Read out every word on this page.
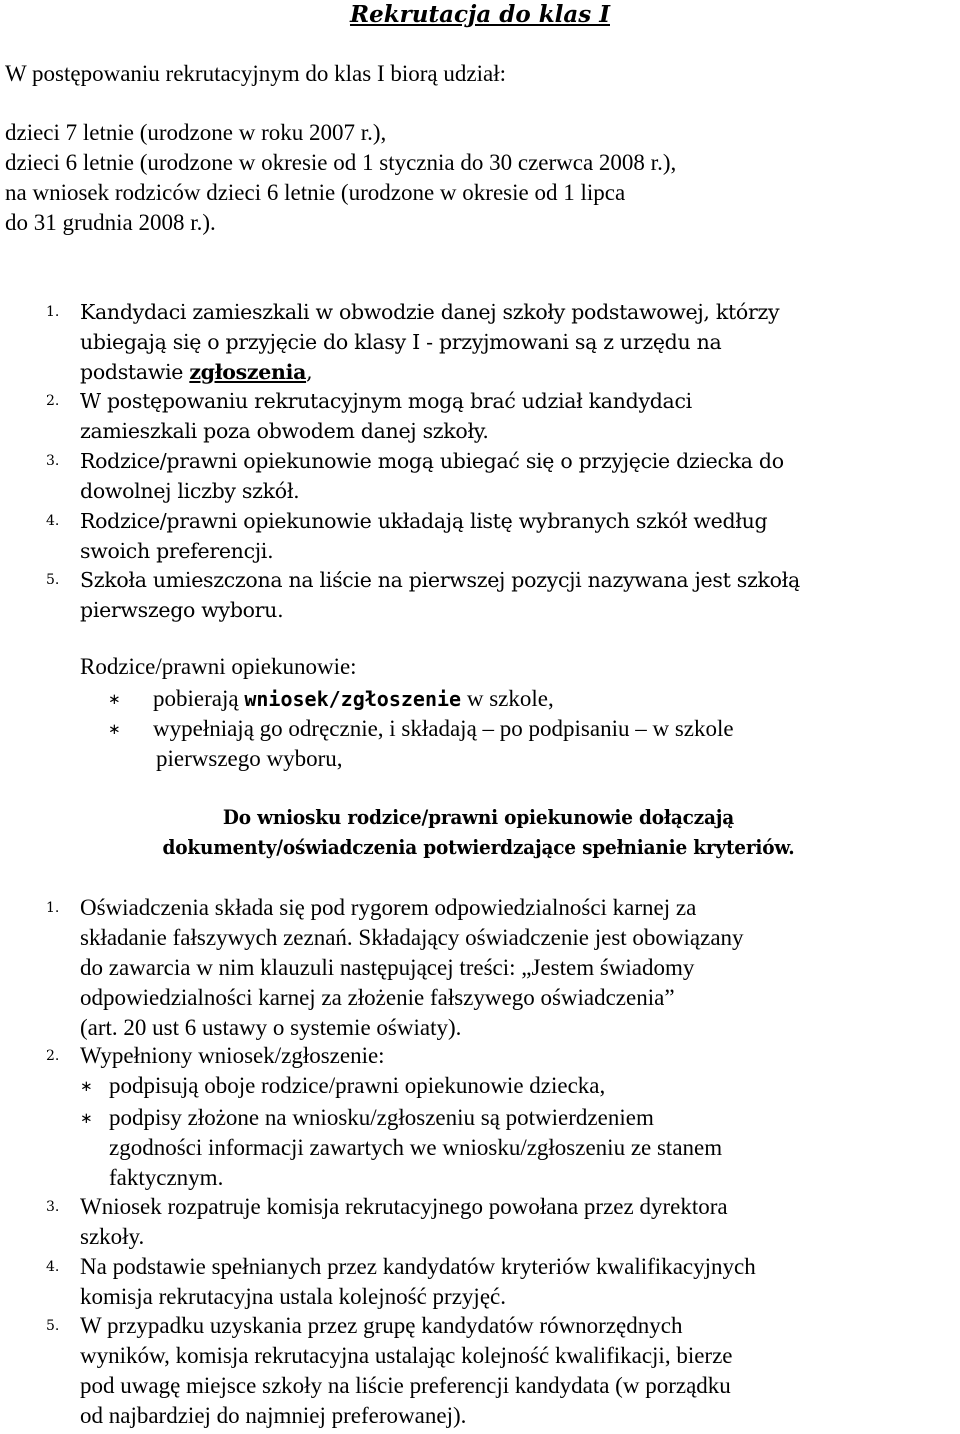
Rekrutacja do klas I
W postępowaniu rekrutacyjnym do klas I biorą udział:
dzieci 7 letnie (urodzone w roku 2007 r.),
dzieci 6 letnie (urodzone w okresie od 1 stycznia do 30 czerwca 2008 r.),
na wniosek rodziców dzieci 6 letnie (urodzone w okresie od 1 lipca
do 31 grudnia 2008 r.).
1. Kandydaci zamieszkali w obwodzie danej szkoły podstawowej, którzy
ubiegają się o przyjęcie do klasy I - przyjmowani są z urzędu na
podstawie zgłoszenia,
2. W postępowaniu rekrutacyjnym mogą brać udział kandydaci
zamieszkali poza obwodem danej szkoły.
3. Rodzice/prawni opiekunowie mogą ubiegać się o przyjęcie dziecka do
dowolnej liczby szkół.
4. Rodzice/prawni opiekunowie układają listę wybranych szkół według
swoich preferencji.
5. Szkoła umieszczona na liście na pierwszej pozycji nazywana jest szkołą
pierwszego wyboru.
Rodzice/prawni opiekunowie:
∗ pobierają wniosek/zgłoszenie w szkole,
∗ wypełniają go odręcznie, i składają – po podpisaniu – w szkole
pierwszego wyboru,
Do wniosku rodzice/prawni opiekunowie dołączają
dokumenty/oświadczenia potwierdzające spełnianie kryteriów.
1. Oświadczenia składa się pod rygorem odpowiedzialności karnej za
składanie fałszywych zeznań. Składający oświadczenie jest obowiązany
do zawarcia w nim klauzuli następującej treści: „Jestem świadomy
odpowiedzialności karnej za złożenie fałszywego oświadczenia”
(art. 20 ust 6 ustawy o systemie oświaty).
2. Wypełniony wniosek/zgłoszenie:
∗ podpisują oboje rodzice/prawni opiekunowie dziecka,
∗ podpisy złożone na wniosku/zgłoszeniu są potwierdzeniem
zgodności informacji zawartych we wniosku/zgłoszeniu ze stanem
faktycznym.
3. Wniosek rozpatruje komisja rekrutacyjnego powołana przez dyrektora
szkoły.
4. Na podstawie spełnianych przez kandydatów kryteriów kwalifikacyjnych
komisja rekrutacyjna ustala kolejność przyjęć.
5. W przypadku uzyskania przez grupę kandydatów równorzędnych
wyników, komisja rekrutacyjna ustalając kolejność kwalifikacji, bierze
pod uwagę miejsce szkoły na liście preferencji kandydata (w porządku
od najbardziej do najmniej preferowanej).
